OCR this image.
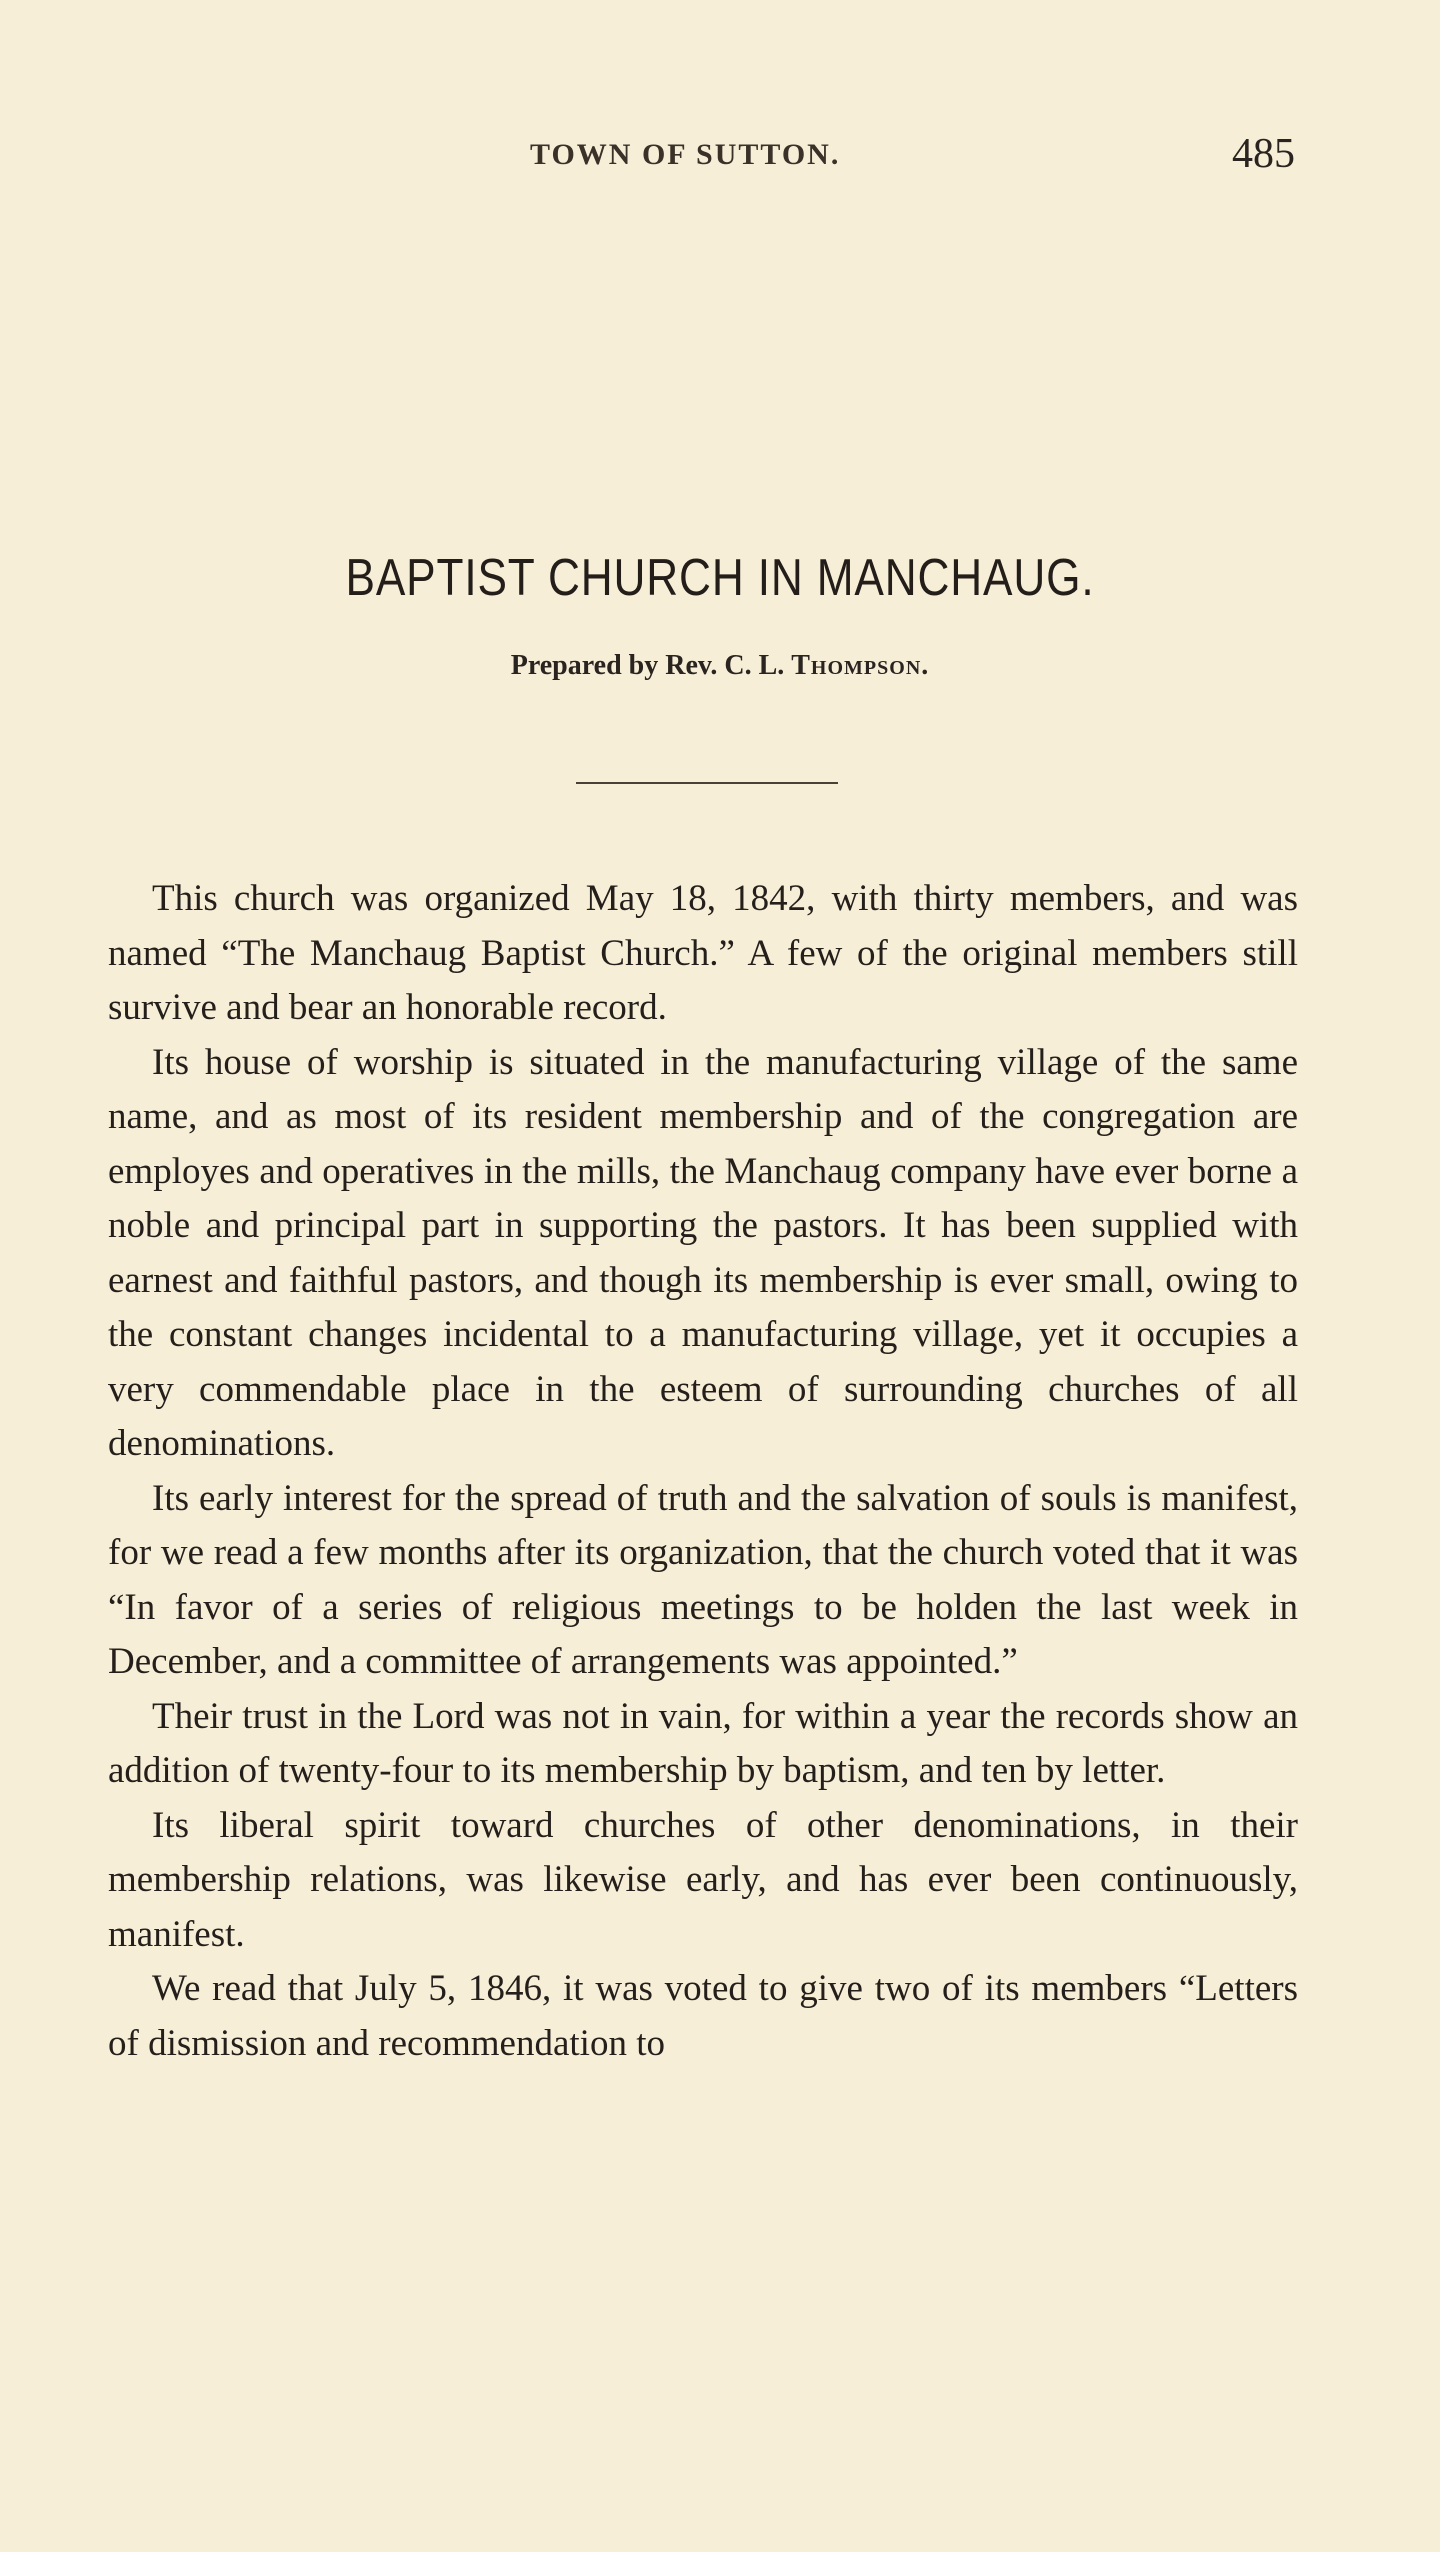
TOWN OF SUTTON.	485
BAPTIST CHURCH IN MANCHAUG.
Prepared by Rev. C. L. Thompson.

This church was organized May 18, 1842, with thirty members, and was named “The Manchaug Baptist Church.” A few of the original members still survive and bear an honorable record.

Its house of worship is situated in the manufacturing village of the same name, and as most of its resident membership and of the congregation are employes and operatives in the mills, the Manchaug company have ever borne a noble and principal part in supporting the pastors. It has been supplied with earnest and faithful pastors, and though its membership is ever small, owing to the constant changes incidental to a manufacturing village, yet it occupies a very commendable place in the esteem of surrounding churches of all denominations.

Its early interest for the spread of truth and the salvation of souls is manifest, for we read a few months after its organization, that the church voted that it was “In favor of a series of religious meetings to be holden the last week in December, and a committee of arrangements was appointed.”

Their trust in the Lord was not in vain, for within a year the records show an addition of twenty-four to its membership by baptism, and ten by letter.

Its liberal spirit toward churches of other denominations, in their membership relations, was likewise early, and has ever been continuously, manifest.

We read that July 5, 1846, it was voted to give two of its members “Letters of dismission and recommendation to
